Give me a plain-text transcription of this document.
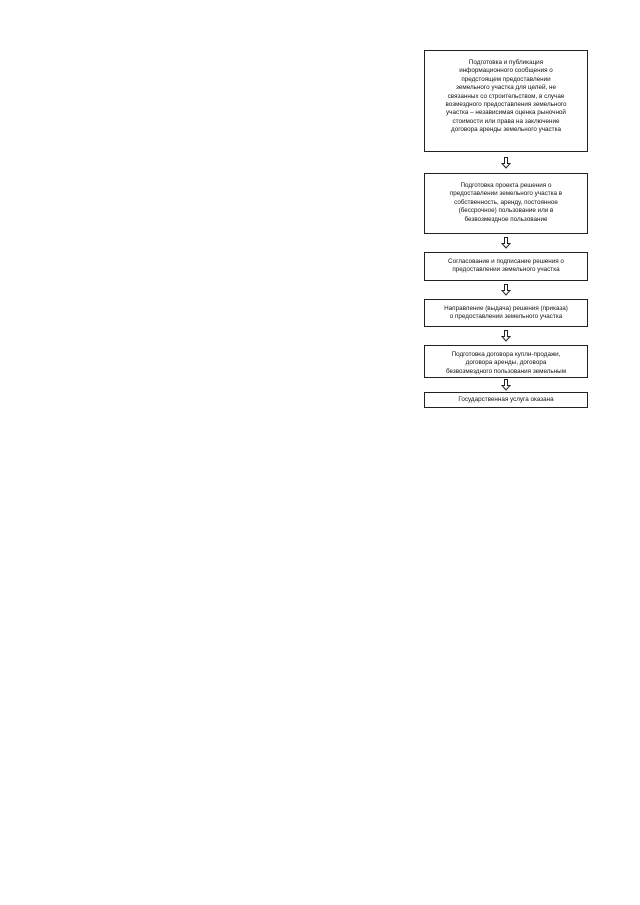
Подготовка и публикация
информационного сообщения о
предстоящем предоставлении
земельного участка для целей, не
связанных со строительством, в случае
возмездного предоставления земельного
участка – независимая оценка рыночной
стоимости или права на заключение
договора аренды земельного участка
Подготовка проекта решения о
предоставлении земельного участка в
собственность, аренду, постоянное
(бессрочное) пользование или в
безвозмездное пользование
Согласование и подписание решения о
предоставлении земельного участка
Направление (выдача) решения (приказа)
о предоставлении земельного участка
Подготовка договора купли-продажи,
договора аренды, договора
безвозмездного пользования земельным
Государственная услуга оказана
